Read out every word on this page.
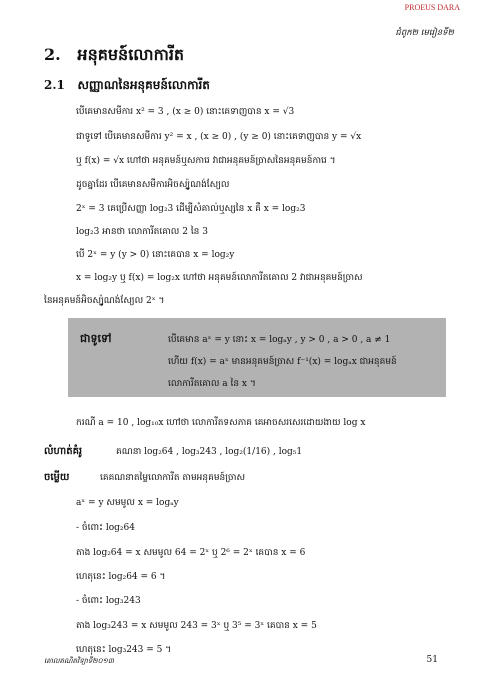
PROEUS DARA
ជំពូក២ មេរៀនទី២
2. អនុគមន៍លោការីត
2.1 សញ្ញាណនៃអនុគមន៍លោការីត
បើគេមានសមីការ x² = 3 , (x ≥ 0) នោះគេទាញបាន x = √3
ជាទូទៅ បើគេមានសមីការ y² = x , (x ≥ 0) , (y ≥ 0) នោះគេទាញបាន y = √x
ឬ f(x) = √x ហៅថា អនុគមន៍ឬសការេ វាជាអនុគមន៍ច្រាសនៃអនុគមន៍ការេ ។
ដូចគ្នាដែរ បើគេមានសមីការអិចស្ប៉ូណង់ស្យែល
2ˣ = 3 គេប្រើសញ្ញា log₂3 ដើម្បីសំគាល់ឬស្សនៃ x គឺ x = log₂3
log₂3 អានថា លោការីតគោល 2 នៃ 3
បើ 2ˣ = y (y > 0) នោះគេបាន x = log₂y
x = log₂y ឬ f(x) = log₂x ហៅថា អនុគមន៍លោការីតគោល 2 វាជាអនុគមន៍ច្រាស
នៃអនុគមន៍អិចស្ប៉ូណង់ស្យែល 2ˣ ។
ជាទូទៅ	បើគេមាន aˣ = y នោះ x = logₐy , y > 0 , a > 0 , a ≠ 1
ហើយ f(x) = aˣ មានអនុគមន៍ច្រាស f⁻¹(x) = logₐx ជាអនុគមន៍
លោការីតគោល a នៃ x ។
ករណី a = 10 , log₁₀x ហៅថា លោការីតទសភាគ គេអាចសរសេរដោយងាយ log x
លំហាត់គំរូ	គណនា log₂64 , log₃243 , log₂(1/16) , log₅1
ចម្លើយ	គេគណនាតម្លៃលោការីត តាមអនុគមន៍ច្រាស
aˣ = y សមមូល x = logₐy
- ចំពោះ log₂64
តាង log₂64 = x សមមូល 64 = 2ˣ ឬ 2⁶ = 2ˣ គេបាន x = 6
ហេតុនេះ log₂64 = 6 ។
- ចំពោះ log₃243
តាង log₃243 = x សមមូល 243 = 3ˣ ឬ 3⁵ = 3ˣ គេបាន x = 5
ហេតុនេះ log₃243 = 5 ។
គោលគណិតវិទ្យាទី២០១៣	51
